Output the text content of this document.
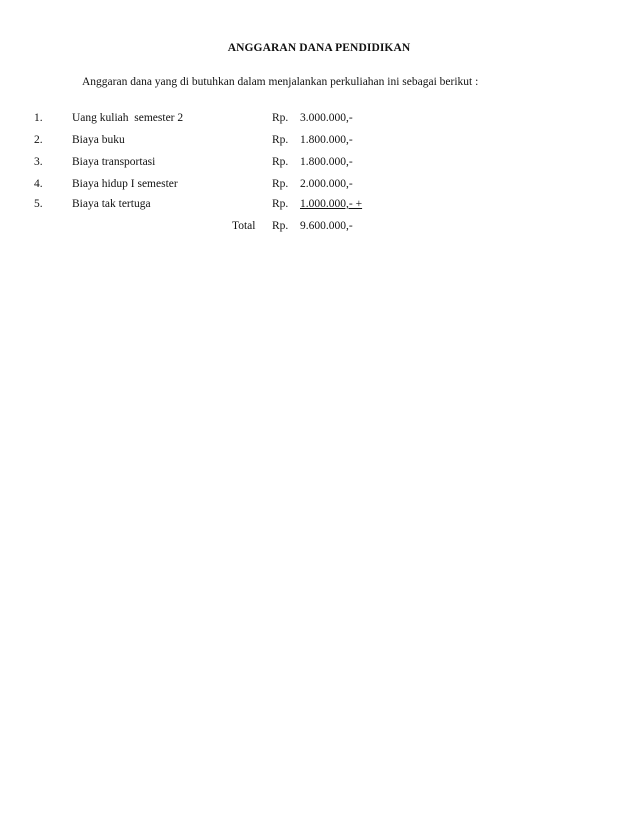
ANGGARAN DANA PENDIDIKAN
Anggaran dana yang di butuhkan dalam menjalankan perkuliahan ini sebagai berikut :
1.	Uang kuliah  semester 2	Rp. 3.000.000,-
2.	Biaya buku	Rp. 1.800.000,-
3.	Biaya transportasi	Rp. 1.800.000,-
4.	Biaya hidup I semester	Rp. 2.000.000,-
5.	Biaya tak tertuga	Rp. 1.000.000,- +
Total Rp. 9.600.000,-
